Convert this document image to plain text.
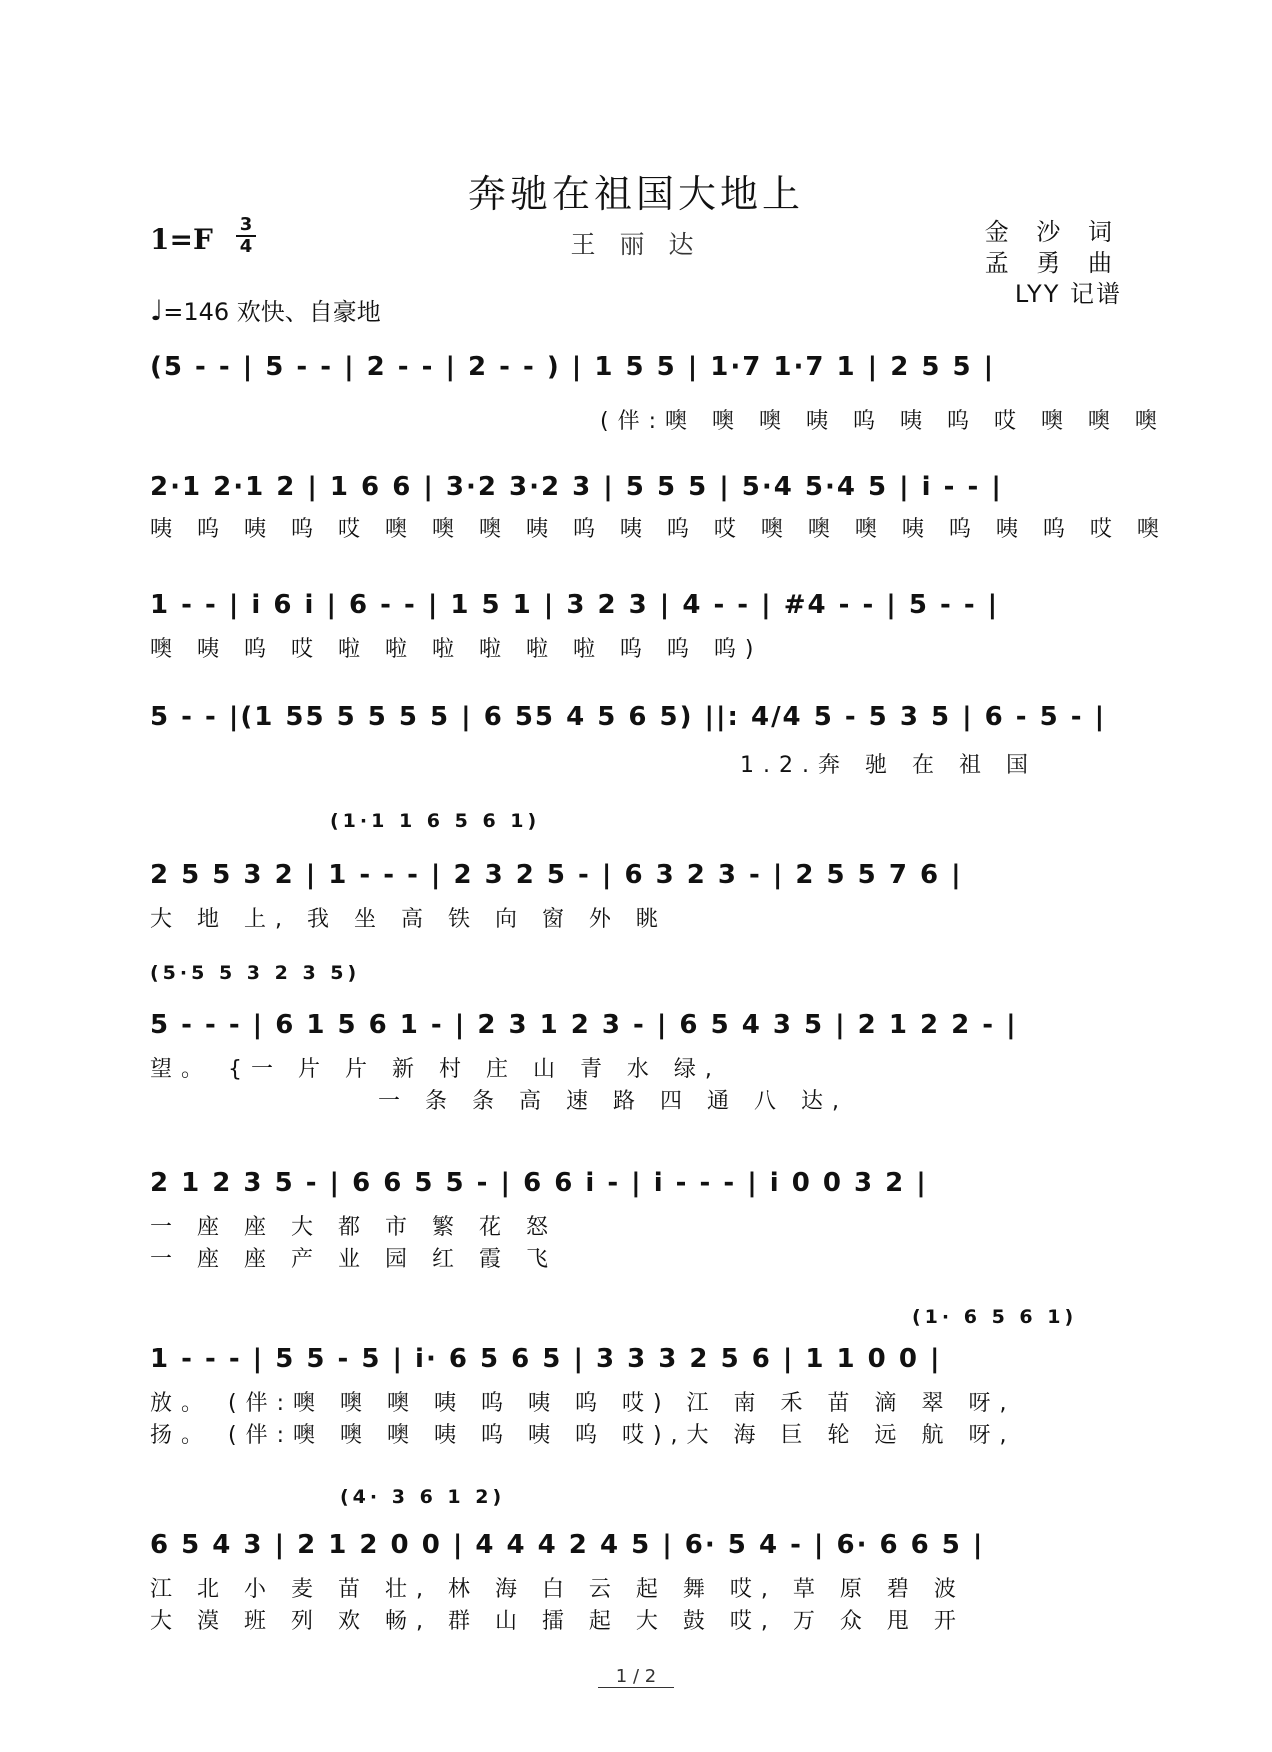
奔驰在祖国大地上
王 丽 达
1=F 3
4
金 沙 词
孟 勇 曲
LYY 记谱
♩=146 欢快、自豪地
(5 - - | 5 - - | 2 - - | 2 - - ) | 1 5 5 | 1·7 1·7 1 | 2 5 5 |
(伴:噢 噢 噢 咦 呜 咦 呜 哎 噢 噢 噢
2·1 2·1 2 | 1 6 6 | 3·2 3·2 3 | 5 5 5 | 5·4 5·4 5 | i - - |
咦 呜 咦 呜 哎 噢 噢 噢 咦 呜 咦 呜 哎 噢 噢 噢 咦 呜 咦 呜 哎 噢
1 - - | i 6 i | 6 - - | 1 5 1 | 3 2 3 | 4 - - | #4 - - | 5 - - |
噢 咦 呜 哎 啦 啦 啦 啦 啦 啦 呜 呜 呜)
5 - - |(1 55 5 5 5 5 | 6 55 4 5 6 5) ||: 4/4 5 - 5 3 5 | 6 - 5 - |
1.2.奔 驰 在 祖 国
(1·1 1 6 5 6 1)
2 5 5 3 2 | 1 - - - | 2 3 2 5 - | 6 3 2 3 - | 2 5 5 7 6 |
大 地 上, 我 坐 高 铁 向 窗 外 眺
(5·5 5 3 2 3 5)
5 - - - | 6 1 5 6 1 - | 2 3 1 2 3 - | 6 5 4 3 5 | 2 1 2 2 - |
望。 {一 片 片 新 村 庄 山 青 水 绿,
一 条 条 高 速 路 四 通 八 达,
2 1 2 3 5 - | 6 6 5 5 - | 6 6 i - | i - - - | i 0 0 3 2 |
一 座 座 大 都 市 繁 花 怒
一 座 座 产 业 园 红 霞 飞
(1· 6 5 6 1)
1 - - - | 5 5 - 5 | i· 6 5 6 5 | 3 3 3 2 5 6 | 1 1 0 0 |
放。 (伴:噢 噢 噢 咦 呜 咦 呜 哎) 江 南 禾 苗 滴 翠 呀,
扬。 (伴:噢 噢 噢 咦 呜 咦 呜 哎),大 海 巨 轮 远 航 呀,
(4· 3 6 1 2)
6 5 4 3 | 2 1 2 0 0 | 4 4 4 2 4 5 | 6· 5 4 - | 6· 6 6 5 |
江 北 小 麦 苗 壮, 林 海 白 云 起 舞 哎, 草 原 碧 波
大 漠 班 列 欢 畅, 群 山 擂 起 大 鼓 哎, 万 众 甩 开
1 / 2
